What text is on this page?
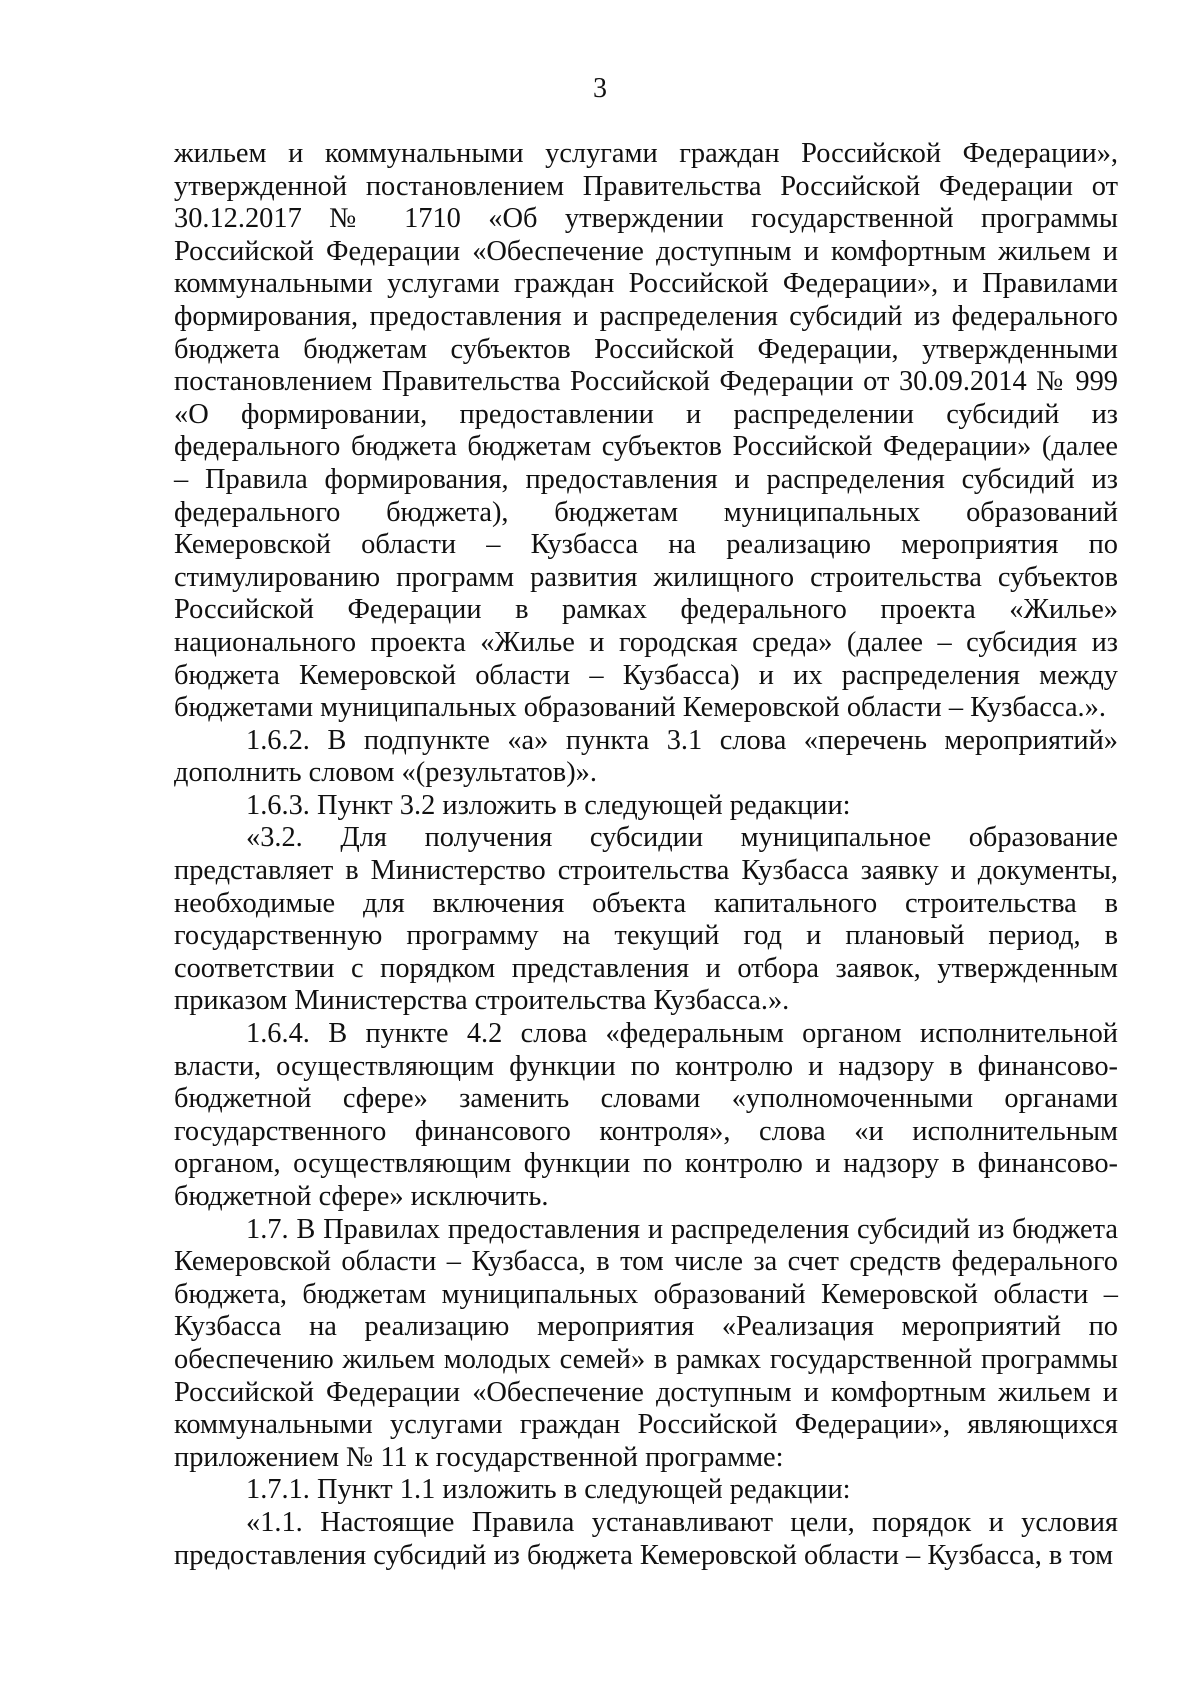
3

жильем и коммунальными услугами граждан Российской Федерации», утвержденной постановлением Правительства Российской Федерации от 30.12.2017 № 1710 «Об утверждении государственной программы Российской Федерации «Обеспечение доступным и комфортным жильем и коммунальными услугами граждан Российской Федерации», и Правилами формирования, предоставления и распределения субсидий из федерального бюджета бюджетам субъектов Российской Федерации, утвержденными постановлением Правительства Российской Федерации от 30.09.2014 № 999 «О формировании, предоставлении и распределении субсидий из федерального бюджета бюджетам субъектов Российской Федерации» (далее – Правила формирования, предоставления и распределения субсидий из федерального бюджета), бюджетам муниципальных образований Кемеровской области – Кузбасса на реализацию мероприятия по стимулированию программ развития жилищного строительства субъектов Российской Федерации в рамках федерального проекта «Жилье» национального проекта «Жилье и городская среда» (далее – субсидия из бюджета Кемеровской области – Кузбасса) и их распределения между бюджетами муниципальных образований Кемеровской области – Кузбасса.».

1.6.2. В подпункте «а» пункта 3.1 слова «перечень мероприятий» дополнить словом «(результатов)».

1.6.3. Пункт 3.2 изложить в следующей редакции:

«3.2. Для получения субсидии муниципальное образование представляет в Министерство строительства Кузбасса заявку и документы, необходимые для включения объекта капитального строительства в государственную программу на текущий год и плановый период, в соответствии с порядком представления и отбора заявок, утвержденным приказом Министерства строительства Кузбасса.».

1.6.4. В пункте 4.2 слова «федеральным органом исполнительной власти, осуществляющим функции по контролю и надзору в финансово-бюджетной сфере» заменить словами «уполномоченными органами государственного финансового контроля», слова «и исполнительным органом, осуществляющим функции по контролю и надзору в финансово-бюджетной сфере» исключить.

1.7. В Правилах предоставления и распределения субсидий из бюджета Кемеровской области – Кузбасса, в том числе за счет средств федерального бюджета, бюджетам муниципальных образований Кемеровской области – Кузбасса на реализацию мероприятия «Реализация мероприятий по обеспечению жильем молодых семей» в рамках государственной программы Российской Федерации «Обеспечение доступным и комфортным жильем и коммунальными услугами граждан Российской Федерации», являющихся приложением № 11 к государственной программе:

1.7.1. Пункт 1.1 изложить в следующей редакции:

«1.1. Настоящие Правила устанавливают цели, порядок и условия предоставления субсидий из бюджета Кемеровской области – Кузбасса, в том
